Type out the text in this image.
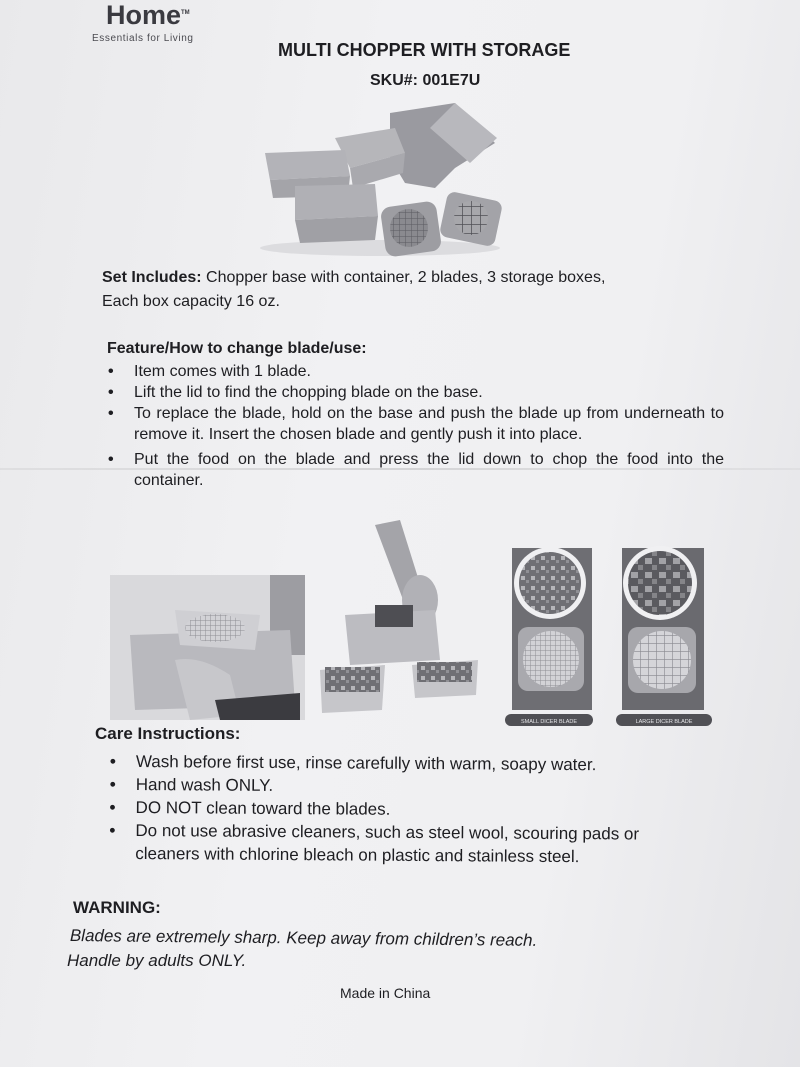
Home™
Essentials for Living
MULTI CHOPPER WITH STORAGE
SKU#: 001E7U
Set Includes: Chopper base with container, 2 blades, 3 storage boxes,
Each box capacity 16 oz.
Feature/How to change blade/use:
• Item comes with 1 blade.
• Lift the lid to find the chopping blade on the base.
• To replace the blade, hold on the base and push the blade up from underneath to remove it. Insert the chosen blade and gently push it into place.
• Put the food on the blade and press the lid down to chop the food into the container.
SMALL DICER BLADE	LARGE DICER BLADE
Care Instructions:
• Wash before first use, rinse carefully with warm, soapy water.
• Hand wash ONLY.
• DO NOT clean toward the blades.
• Do not use abrasive cleaners, such as steel wool, scouring pads or cleaners with chlorine bleach on plastic and stainless steel.
WARNING:
Blades are extremely sharp. Keep away from children’s reach.
Handle by adults ONLY.
Made in China
